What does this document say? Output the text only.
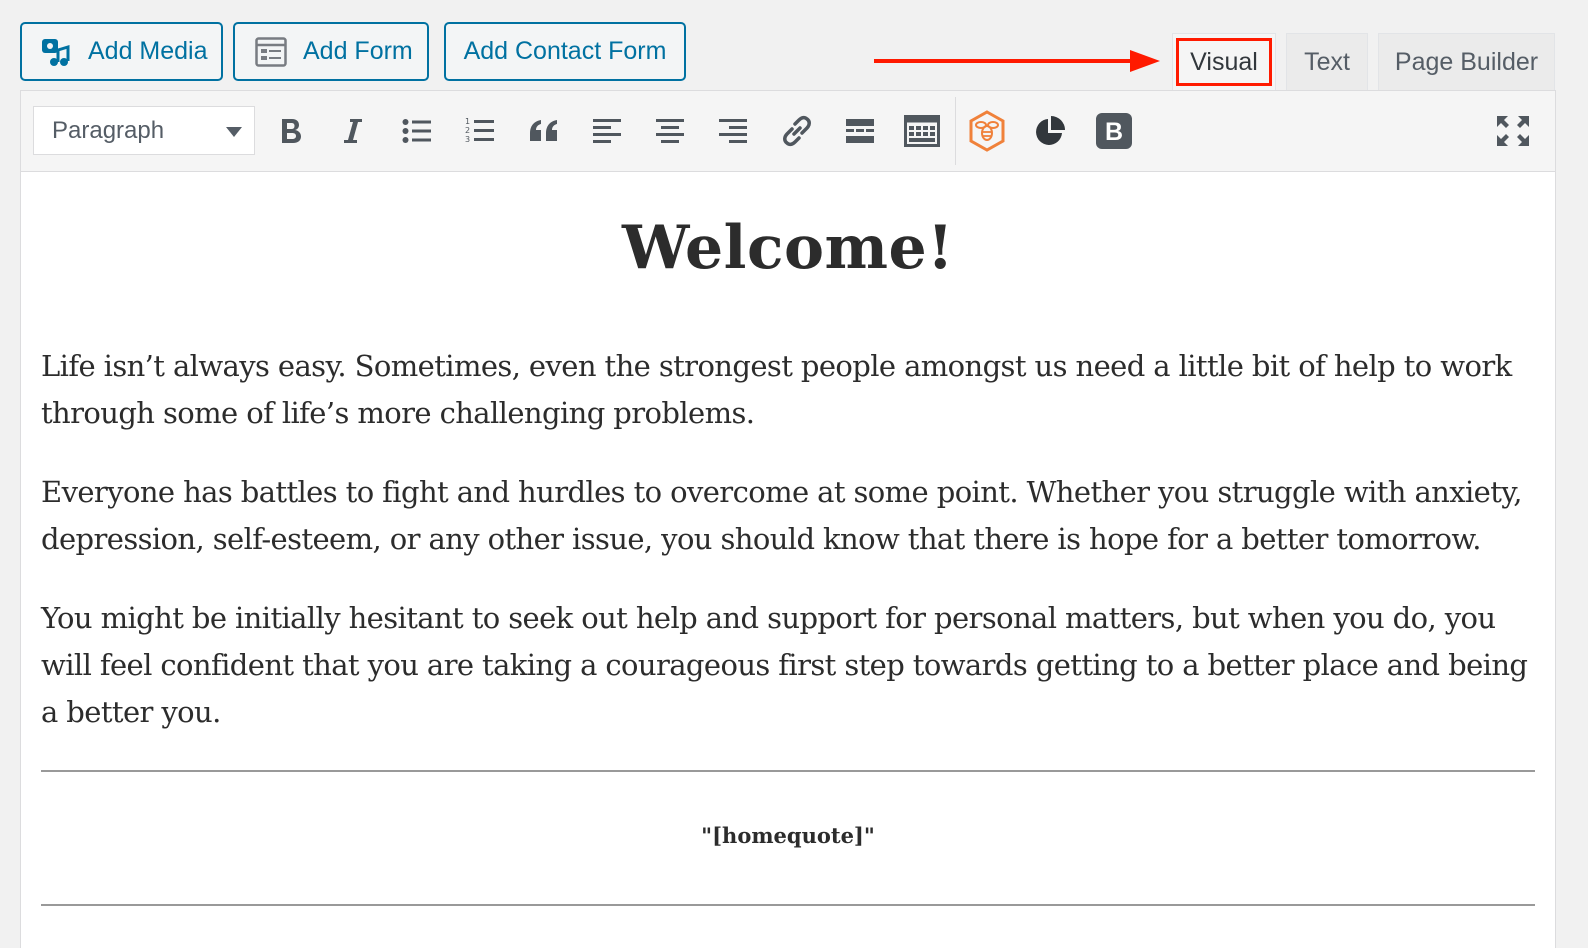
Add Media	Add Form Add Contact Form	Visual Text Page Builder
Paragraph	1
2
3	B
Welcome!

Life isn’t always easy. Sometimes, even the strongest people amongst us need a little bit of help to work through some of life’s more challenging problems.

Everyone has battles to fight and hurdles to overcome at some point. Whether you struggle with anxiety, depression, self-esteem, or any other issue, you should know that there is hope for a better tomorrow.

You might be initially hesitant to seek out help and support for personal matters, but when you do, you will feel confident that you are taking a courageous first step towards getting to a better place and being a better you.

"[homequote]"
